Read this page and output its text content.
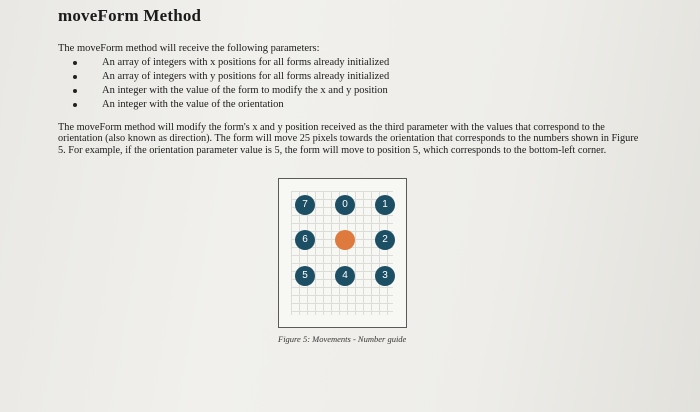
moveForm Method
The moveForm method will receive the following parameters:
An array of integers with x positions for all forms already initialized
An array of integers with y positions for all forms already initialized
An integer with the value of the form to modify the x and y position
An integer with the value of the orientation

The moveForm method will modify the form's x and y position received as the third parameter with the values that correspond to the orientation (also known as direction). The form will move 25 pixels towards the orientation that corresponds to the numbers shown in Figure 5. For example, if the orientation parameter value is 5, the form will move to position 5, which corresponds to the bottom-left corner.

7	0	1
6	2
5	4	3
Figure 5: Movements - Number guide
